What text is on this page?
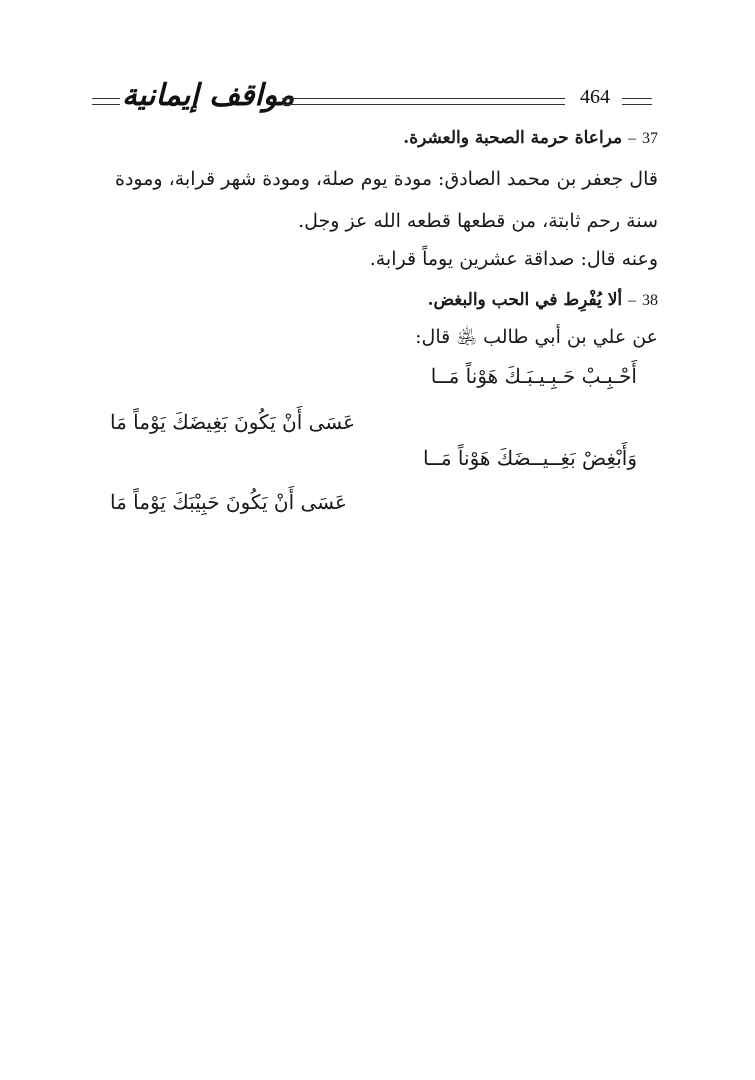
مواقف إيمانية	464
37 – مراعاة حرمة الصحبة والعشرة.
قال جعفر بن محمد الصادق: مودة يوم صلة، ومودة شهر قرابة، ومودة
سنة رحم ثابتة، من قطعها قطعه الله عز وجل.
وعنه قال: صداقة عشرين يوماً قرابة.
38 – ألا يُفْرِط في الحب والبغض.
عن علي بن أبي طالب ﵁ قال:
أَحْـبِـبْ حَـبِـيـبَـكَ هَوْناً مَــا
عَسَى أَنْ يَكُونَ بَغِيضَكَ يَوْماً مَا
وَأَبْغِضْ بَغِــيــضَكَ هَوْناً مَــا
عَسَى أَنْ يَكُونَ حَبِيْبَكَ يَوْماً مَا
